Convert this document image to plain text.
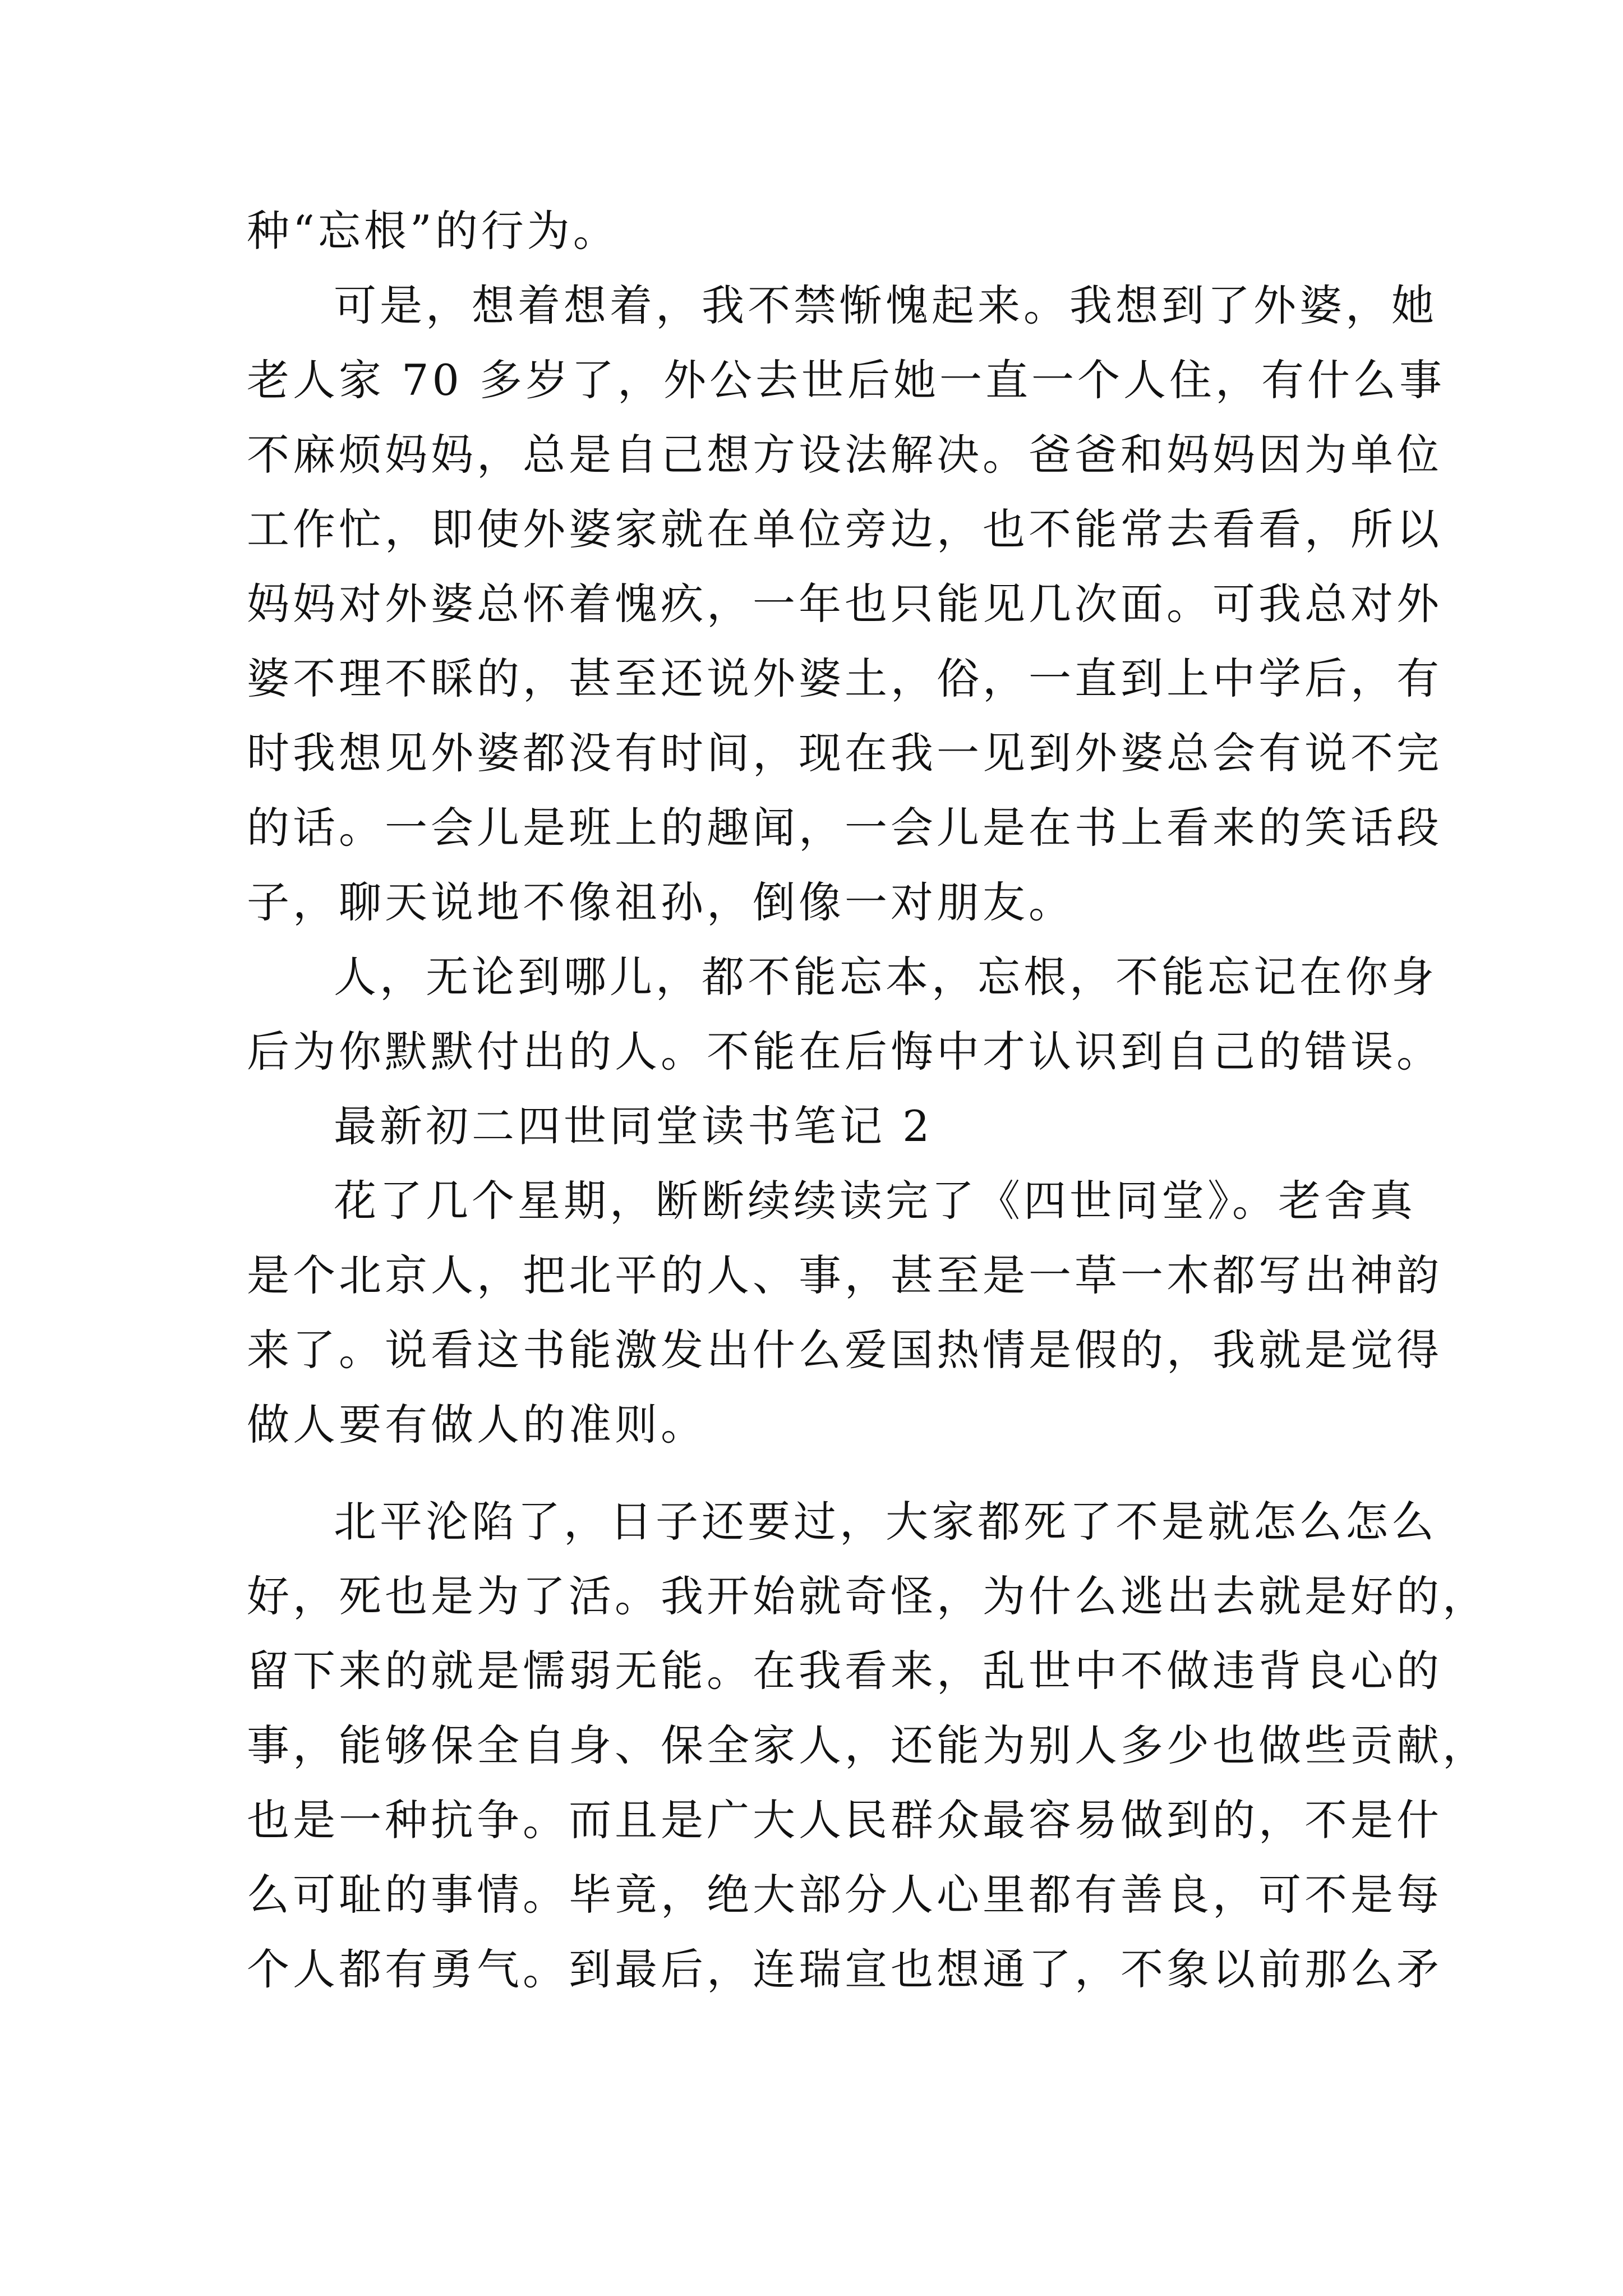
种“忘根”的行为。
可是，想着想着，我不禁惭愧起来。我想到了外婆，她
老人家 70 多岁了，外公去世后她一直一个人住，有什么事
不麻烦妈妈，总是自己想方设法解决。爸爸和妈妈因为单位
工作忙，即使外婆家就在单位旁边，也不能常去看看，所以
妈妈对外婆总怀着愧疚，一年也只能见几次面。可我总对外
婆不理不睬的，甚至还说外婆土，俗，一直到上中学后，有
时我想见外婆都没有时间，现在我一见到外婆总会有说不完
的话。一会儿是班上的趣闻，一会儿是在书上看来的笑话段
子，聊天说地不像祖孙，倒像一对朋友。
人，无论到哪儿，都不能忘本，忘根，不能忘记在你身
后为你默默付出的人。不能在后悔中才认识到自己的错误。
最新初二四世同堂读书笔记 2
花了几个星期，断断续续读完了《四世同堂》。老舍真
是个北京人，把北平的人、事，甚至是一草一木都写出神韵
来了。说看这书能激发出什么爱国热情是假的，我就是觉得
做人要有做人的准则。
北平沦陷了，日子还要过，大家都死了不是就怎么怎么
好，死也是为了活。我开始就奇怪，为什么逃出去就是好的，
留下来的就是懦弱无能。在我看来，乱世中不做违背良心的
事，能够保全自身、保全家人，还能为别人多少也做些贡献，
也是一种抗争。而且是广大人民群众最容易做到的，不是什
么可耻的事情。毕竟，绝大部分人心里都有善良，可不是每
个人都有勇气。到最后，连瑞宣也想通了，不象以前那么矛
